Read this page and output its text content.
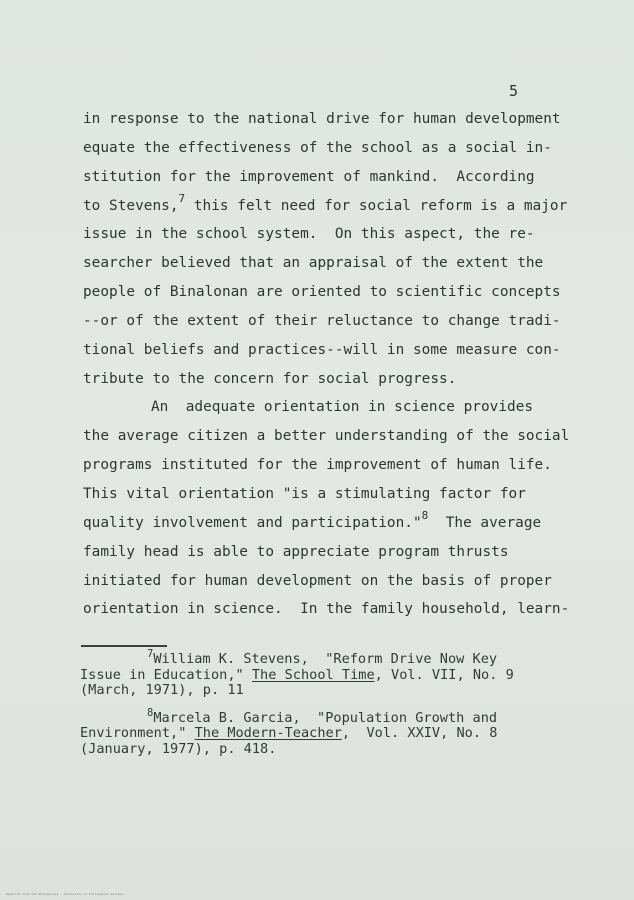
5
in response to the national drive for human development
equate the effectiveness of the school as a social in-
stitution for the improvement of mankind.  According
to Stevens,$^7$ this felt need for social reform is a major
issue in the school system.  On this aspect, the re-
searcher believed that an appraisal of the extent the
people of Binalonan are oriented to scientific concepts
--or of the extent of their reluctance to change tradi-
tional beliefs and practices--will in some measure con-
tribute to the concern for social progress.
An  adequate orientation in science provides
the average citizen a better understanding of the social
programs instituted for the improvement of human life.
This vital orientation "is a stimulating factor for
quality involvement and participation."$^8$  The average
family head is able to appreciate program thrusts
initiated for human development on the basis of proper
orientation in science.  In the family household, learn-
$^7$William K. Stevens,  "Reform Drive Now Key
Issue in Education," The School Time, Vol. VII, No. 9
(March, 1971), p. 11
$^8$Marcela B. Garcia,  "Population Growth and
Environment," The Modern-Teacher,  Vol. XXIV, No. 8
(January, 1977), p. 418.
Material from the Philippines · University of Philippines Diliman
